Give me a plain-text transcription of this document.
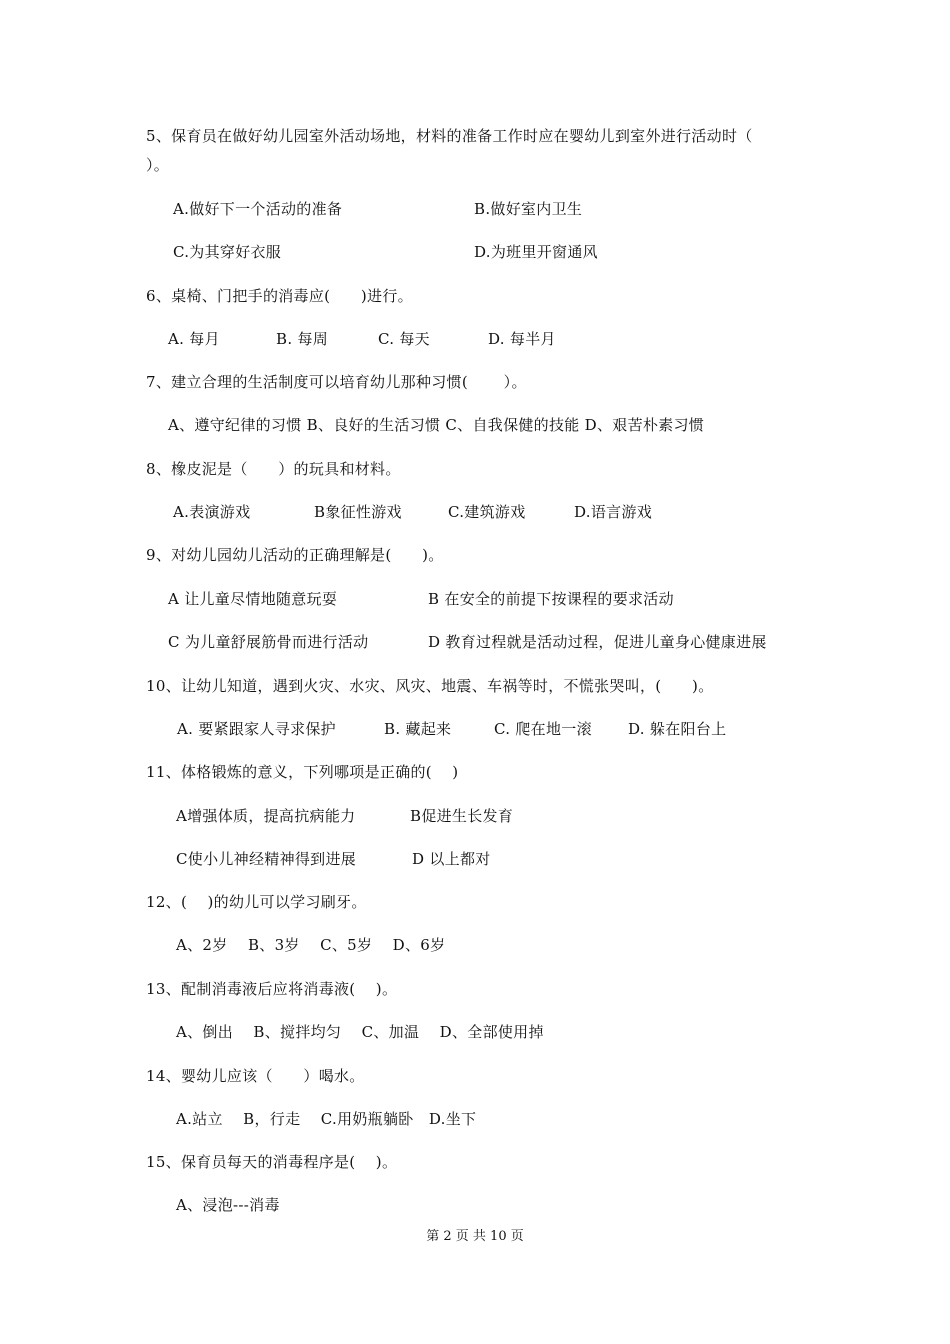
5、保育员在做好幼儿园室外活动场地，材料的准备工作时应在婴幼儿到室外进行活动时（
）。
A.做好下一个活动的准备	B.做好室内卫生
C.为其穿好衣服	D.为班里开窗通风
6、桌椅、门把手的消毒应(　　)进行。
A. 每月	B. 每周	C. 每天	D. 每半月
7、建立合理的生活制度可以培育幼儿那种习惯(　　 ）。
A、遵守纪律的习惯 B、良好的生活习惯 C、自我保健的技能 D、艰苦朴素习惯
8、橡皮泥是（　　）的玩具和材料。
A.表演游戏	B象征性游戏	C.建筑游戏	D.语言游戏
9、对幼儿园幼儿活动的正确理解是(　　)。
A 让儿童尽情地随意玩耍	B 在安全的前提下按课程的要求活动
C 为儿童舒展筋骨而进行活动	D 教育过程就是活动过程，促进儿童身心健康进展
10、让幼儿知道，遇到火灾、水灾、风灾、地震、车祸等时，不慌张哭叫，(　　)。
A. 要紧跟家人寻求保护	B. 藏起来	C. 爬在地一滚 D. 躲在阳台上
11、体格锻炼的意义，下列哪项是正确的(　 )
A增强体质，提高抗病能力	B促进生长发育
C使小儿神经精神得到进展	D 以上都对
12、(　 )的幼儿可以学习刷牙。
A、2岁　 B、3岁　 C、5岁　 D、6岁
13、配制消毒液后应将消毒液(　 )。
A、倒出　 B、搅拌均匀　 C、加温　 D、全部使用掉
14、婴幼儿应该（　　）喝水。
A.站立　 B，行走　 C.用奶瓶躺卧　D.坐下
15、保育员每天的消毒程序是(　 )。
A、浸泡---消毒
第 2 页 共 10 页
